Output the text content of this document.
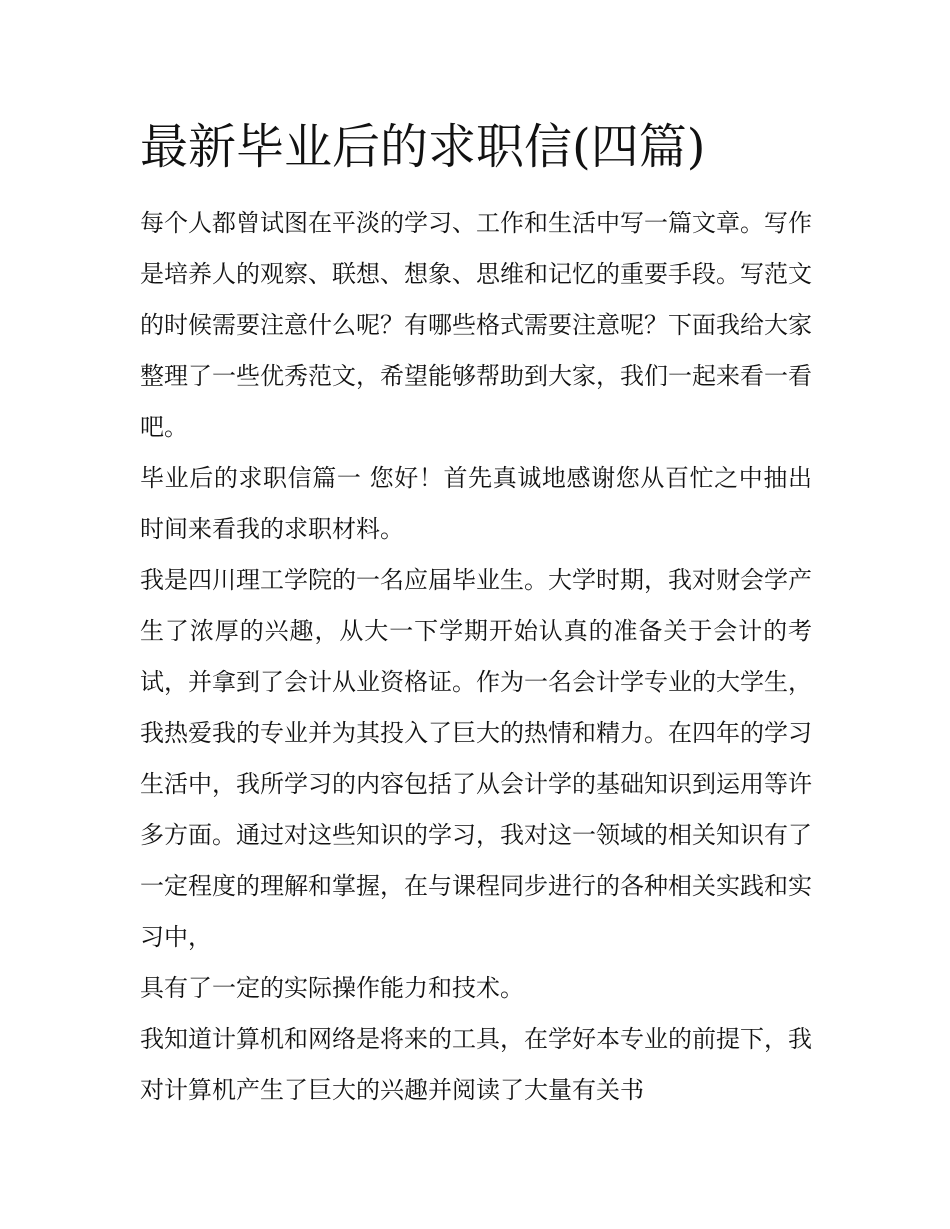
最新毕业后的求职信(四篇)

每个人都曾试图在平淡的学习、工作和生活中写一篇文章。写作是培养人的观察、联想、想象、思维和记忆的重要手段。写范文的时候需要注意什么呢？有哪些格式需要注意呢？下面我给大家整理了一些优秀范文，希望能够帮助到大家，我们一起来看一看吧。

毕业后的求职信篇一 您好！首先真诚地感谢您从百忙之中抽出时间来看我的求职材料。

我是四川理工学院的一名应届毕业生。大学时期，我对财会学产生了浓厚的兴趣，从大一下学期开始认真的准备关于会计的考试，并拿到了会计从业资格证。作为一名会计学专业的大学生，我热爱我的专业并为其投入了巨大的热情和精力。在四年的学习生活中，我所学习的内容包括了从会计学的基础知识到运用等许多方面。通过对这些知识的学习，我对这一领域的相关知识有了一定程度的理解和掌握，在与课程同步进行的各种相关实践和实习中，

具有了一定的实际操作能力和技术。

我知道计算机和网络是将来的工具，在学好本专业的前提下，我对计算机产生了巨大的兴趣并阅读了大量有关书
